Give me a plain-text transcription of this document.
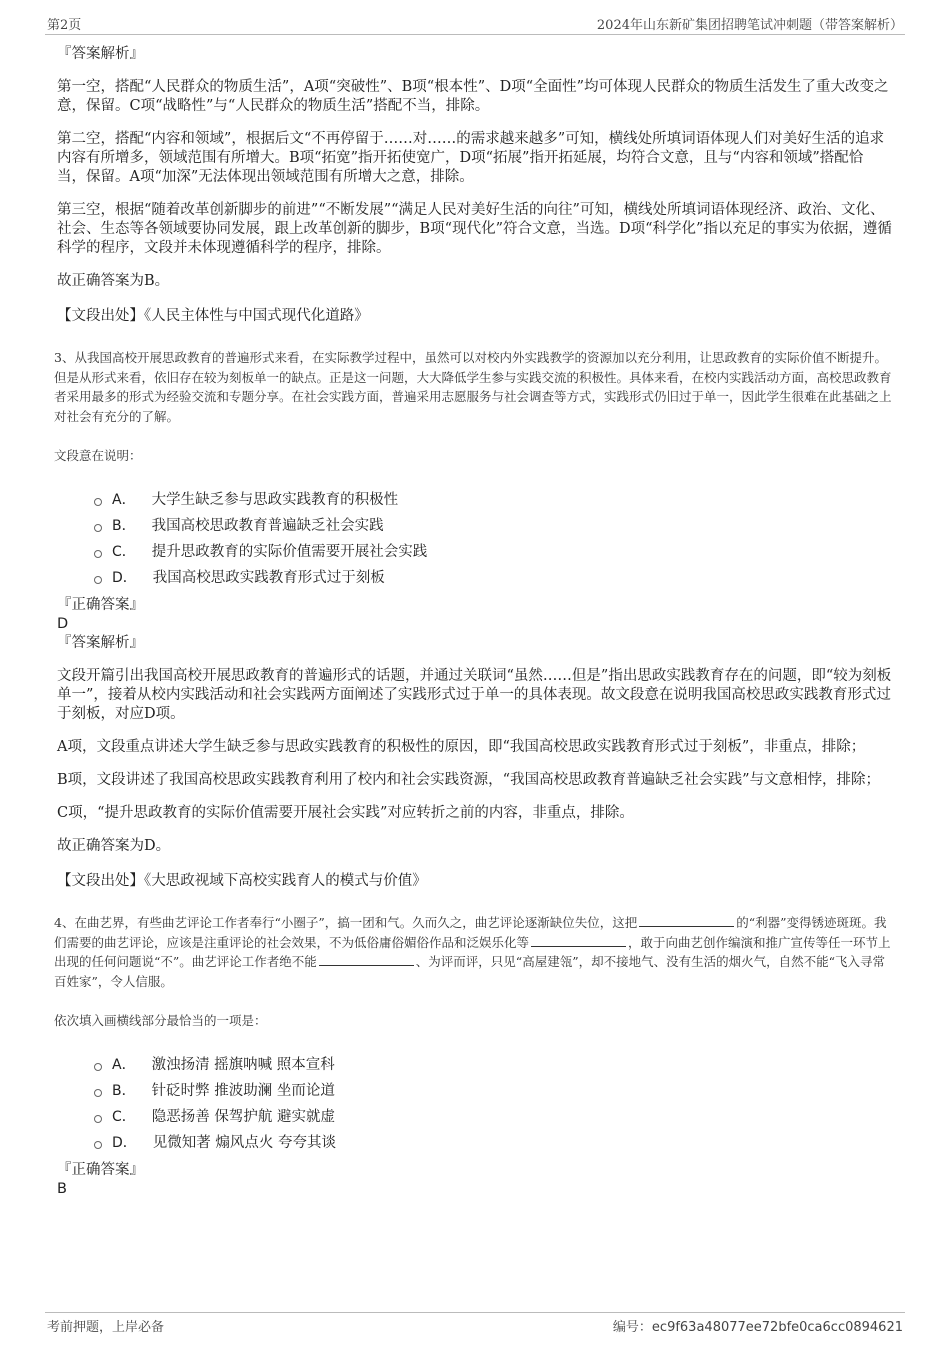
第2页	2024年山东新矿集团招聘笔试冲刺题（带答案解析）

『答案解析』

第一空，搭配“人民群众的物质生活”，A项“突破性”、B项“根本性”、D项“全面性”均可体现人民群众的物质生活发生了重大改变之意，保留。C项“战略性”与“人民群众的物质生活”搭配不当，排除。

第二空，搭配“内容和领域”，根据后文“不再停留于……对……的需求越来越多”可知，横线处所填词语体现人们对美好生活的追求内容有所增多，领域范围有所增大。B项“拓宽”指开拓使宽广，D项“拓展”指开拓延展，均符合文意，且与“内容和领域”搭配恰当，保留。A项“加深”无法体现出领域范围有所增大之意，排除。

第三空，根据“随着改革创新脚步的前进”“不断发展”“满足人民对美好生活的向往”可知，横线处所填词语体现经济、政治、文化、社会、生态等各领域要协同发展，跟上改革创新的脚步，B项“现代化”符合文意，当选。D项“科学化”指以充足的事实为依据，遵循科学的程序，文段并未体现遵循科学的程序，排除。

故正确答案为B。

【文段出处】《人民主体性与中国式现代化道路》

3、从我国高校开展思政教育的普遍形式来看，在实际教学过程中，虽然可以对校内外实践教学的资源加以充分利用，让思政教育的实际价值不断提升。但是从形式来看，依旧存在较为刻板单一的缺点。正是这一问题，大大降低学生参与实践交流的积极性。具体来看，在校内实践活动方面，高校思政教育者采用最多的形式为经验交流和专题分享。在社会实践方面，普遍采用志愿服务与社会调查等方式，实践形式仍旧过于单一，因此学生很难在此基础之上对社会有充分的了解。

文段意在说明：

A． 大学生缺乏参与思政实践教育的积极性
B． 我国高校思政教育普遍缺乏社会实践
C． 提升思政教育的实际价值需要开展社会实践
D． 我国高校思政实践教育形式过于刻板

『正确答案』

D

『答案解析』

文段开篇引出我国高校开展思政教育的普遍形式的话题，并通过关联词“虽然……但是”指出思政实践教育存在的问题，即“较为刻板单一”，接着从校内实践活动和社会实践两方面阐述了实践形式过于单一的具体表现。故文段意在说明我国高校思政实践教育形式过于刻板，对应D项。

A项，文段重点讲述大学生缺乏参与思政实践教育的积极性的原因，即“我国高校思政实践教育形式过于刻板”，非重点，排除；

B项，文段讲述了我国高校思政实践教育利用了校内和社会实践资源，“我国高校思政教育普遍缺乏社会实践”与文意相悖，排除；

C项，“提升思政教育的实际价值需要开展社会实践”对应转折之前的内容，非重点，排除。

故正确答案为D。

【文段出处】《大思政视域下高校实践育人的模式与价值》

4、在曲艺界，有些曲艺评论工作者奉行“小圈子”，搞一团和气。久而久之，曲艺评论逐渐缺位失位，这把	的“利器”变得锈迹斑斑。我们需要的曲艺评论，应该是注重评论的社会效果，不为低俗庸俗媚俗作品和泛娱乐化等	，敢于向曲艺创作编演和推广宣传等任一环节上出现的任何问题说“不”。曲艺评论工作者绝不能	、为评而评，只见“高屋建瓴”，却不接地气、没有生活的烟火气，自然不能“飞入寻常百姓家”，令人信服。

依次填入画横线部分最恰当的一项是：

A． 激浊扬清 摇旗呐喊 照本宣科
B． 针砭时弊 推波助澜 坐而论道
C． 隐恶扬善 保驾护航 避实就虚
D． 见微知著 煽风点火 夸夸其谈

『正确答案』

B

考前押题，上岸必备	编号：ec9f63a48077ee72bfe0ca6cc0894621
